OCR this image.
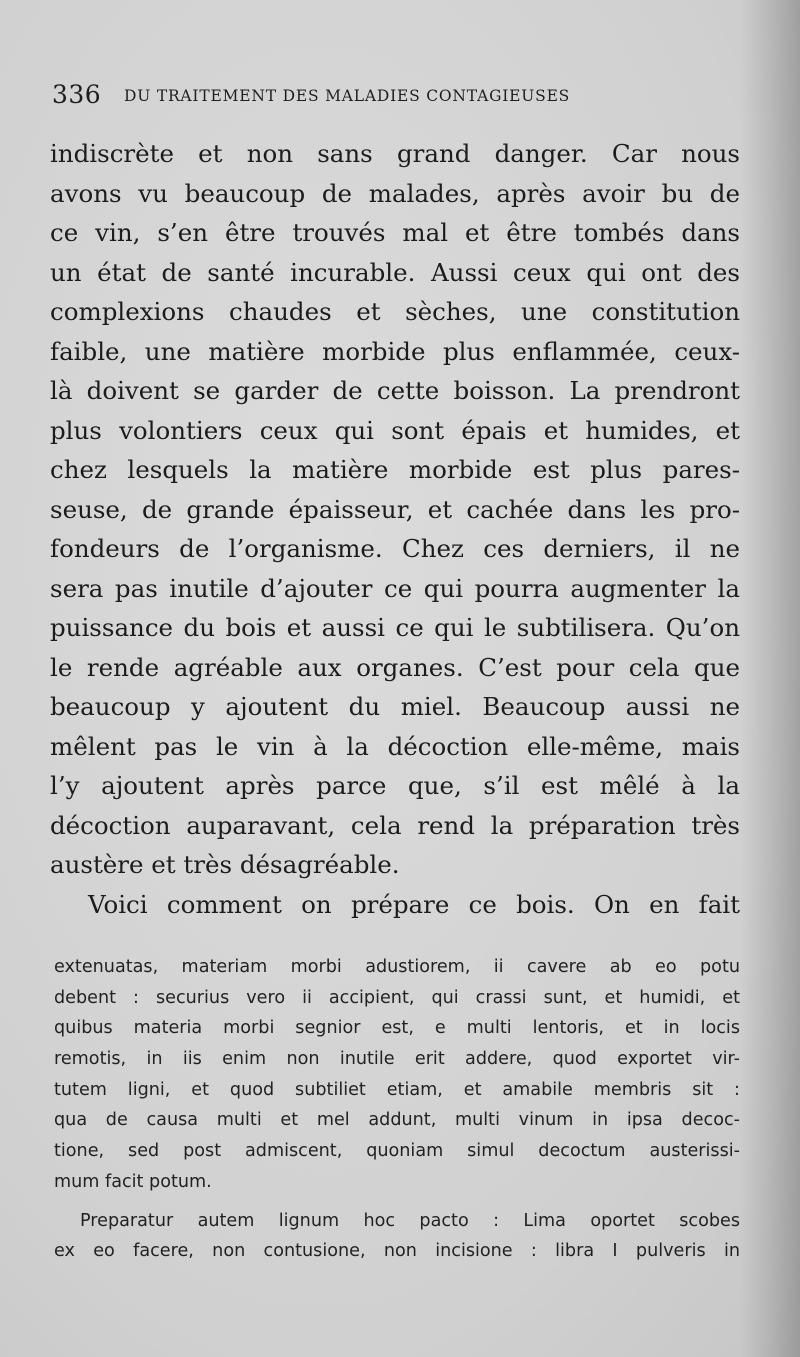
336 DU TRAITEMENT DES MALADIES CONTAGIEUSES
indiscrète et non sans grand danger. Car nous
avons vu beaucoup de malades, après avoir bu de
ce vin, s’en être trouvés mal et être tombés dans
un état de santé incurable. Aussi ceux qui ont des
complexions chaudes et sèches, une constitution
faible, une matière morbide plus enflammée, ceux-
là doivent se garder de cette boisson. La prendront
plus volontiers ceux qui sont épais et humides, et
chez lesquels la matière morbide est plus pares-
seuse, de grande épaisseur, et cachée dans les pro-
fondeurs de l’organisme. Chez ces derniers, il ne
sera pas inutile d’ajouter ce qui pourra augmenter la
puissance du bois et aussi ce qui le subtilisera. Qu’on
le rende agréable aux organes. C’est pour cela que
beaucoup y ajoutent du miel. Beaucoup aussi ne
mêlent pas le vin à la décoction elle-même, mais
l’y ajoutent après parce que, s’il est mêlé à la
décoction auparavant, cela rend la préparation très
austère et très désagréable.
Voici comment on prépare ce bois. On en fait
extenuatas, materiam morbi adustiorem, ii cavere ab eo potu
debent : securius vero ii accipient, qui crassi sunt, et humidi, et
quibus materia morbi segnior est, e multi lentoris, et in locis
remotis, in iis enim non inutile erit addere, quod exportet vir-
tutem ligni, et quod subtiliet etiam, et amabile membris sit :
qua de causa multi et mel addunt, multi vinum in ipsa decoc-
tione, sed post admiscent, quoniam simul decoctum austerissi-
mum facit potum.
Preparatur autem lignum hoc pacto : Lima oportet scobes
ex eo facere, non contusione, non incisione : libra I pulveris in
